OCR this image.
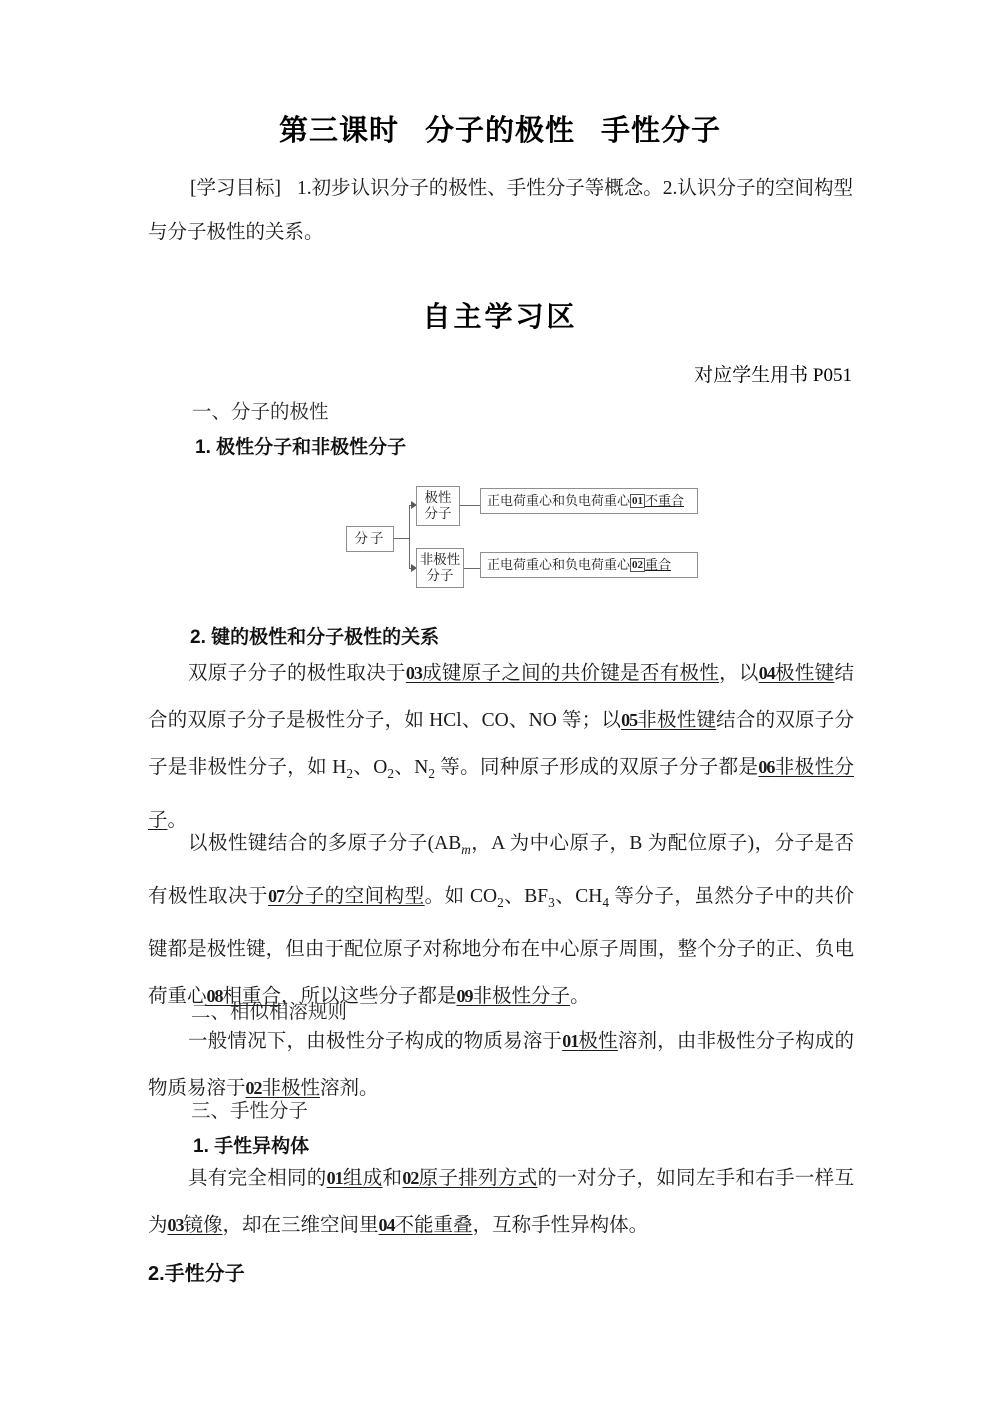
第三课时 分子的极性 手性分子
[学习目标] 1.初步认识分子的极性、手性分子等概念。2.认识分子的空间构型与分子极性的关系。
自主学习区
对应学生用书 P051
一、分子的极性
1. 极性分子和非极性分子
2. 键的极性和分子极性的关系
二、相似相溶规则
三、手性分子
1. 手性异构体
2.手性分子
分子
极性
分子
非极性
分子
正电荷重心和负电荷重心 01 不重合
正电荷重心和负电荷重心 02 重合
双原子分子的极性取决于03成键原子之间的共价键是否有极性，以04极性键结合的双原子分子是极性分子，如 HCl、CO、NO 等；以05非极性键结合的双原子分子是非极性分子，如 $H_2$、$O_2$、$N_2$ 等。同种原子形成的双原子分子都是06非极性分子。
以极性键结合的多原子分子($AB_m$，A 为中心原子，B 为配位原子)，分子是否有极性取决于07分子的空间构型。如 $CO_2$、$BF_3$、$CH_4$ 等分子，虽然分子中的共价键都是极性键，但由于配位原子对称地分布在中心原子周围，整个分子的正、负电荷重心08相重合，所以这些分子都是09非极性分子。
一般情况下，由极性分子构成的物质易溶于01极性溶剂，由非极性分子构成的物质易溶于02非极性溶剂。
具有完全相同的01组成和02原子排列方式的一对分子，如同左手和右手一样互为03镜像，却在三维空间里04不能重叠，互称手性异构体。
